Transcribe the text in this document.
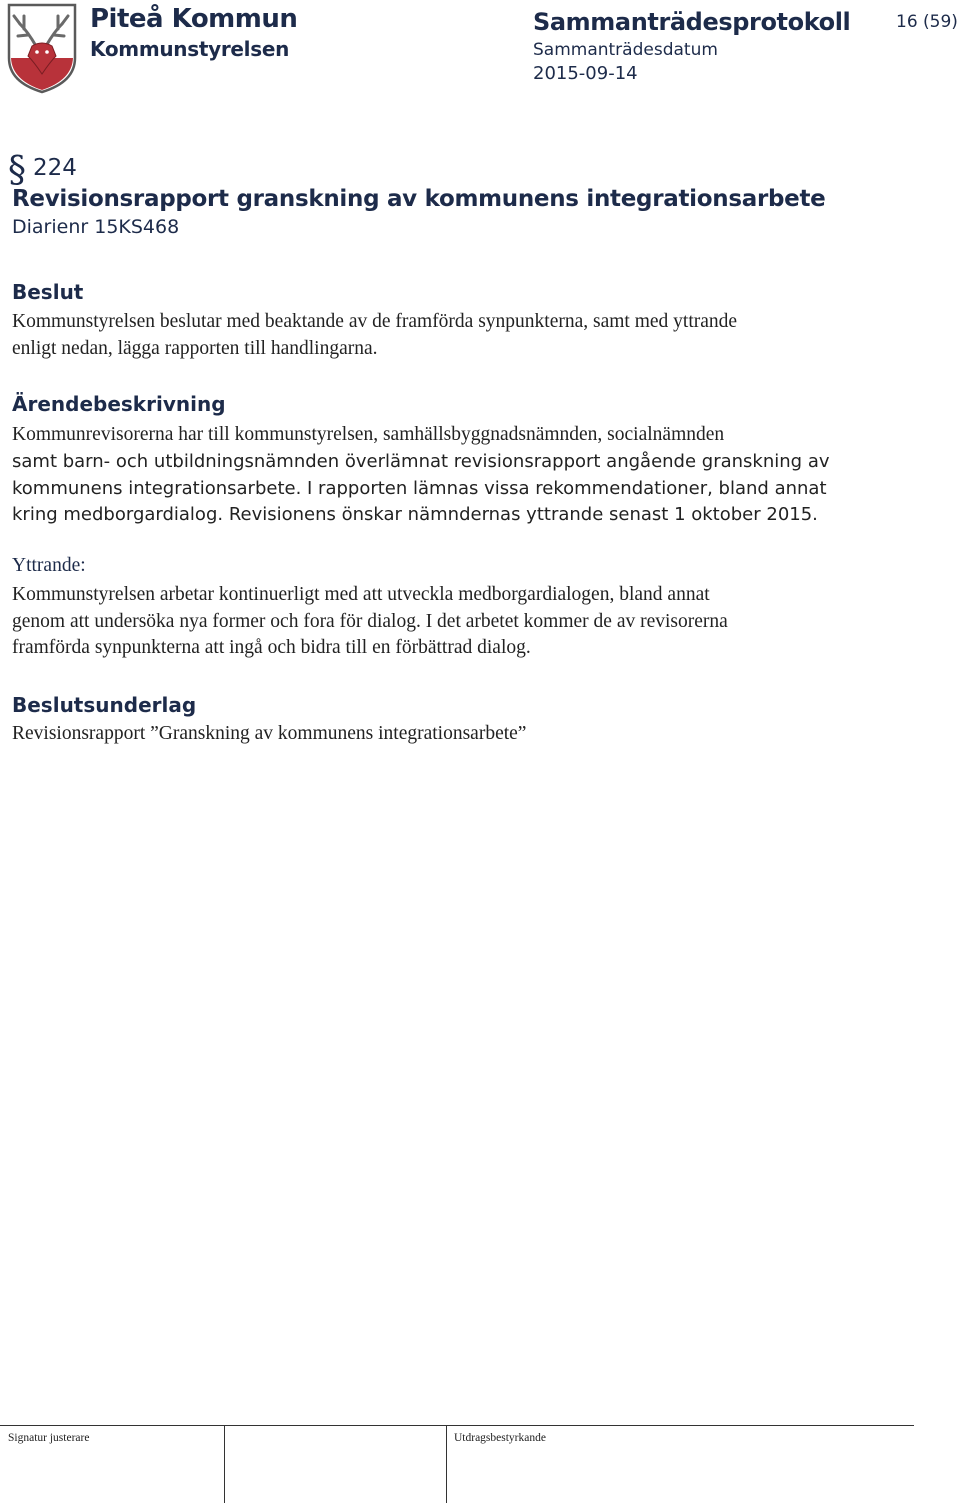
Piteå Kommun
Kommunstyrelsen
Sammanträdesprotokoll
Sammanträdesdatum
2015-09-14
16 (59)
§ 224
Revisionsrapport granskning av kommunens integrationsarbete
Diarienr 15KS468
Beslut
Kommunstyrelsen beslutar med beaktande av de framförda synpunkterna, samt med yttrande
enligt nedan, lägga rapporten till handlingarna.
Ärendebeskrivning
Kommunrevisorerna har till kommunstyrelsen, samhällsbyggnadsnämnden, socialnämnden
samt barn- och utbildningsnämnden överlämnat revisionsrapport angående granskning av
kommunens integrationsarbete. I rapporten lämnas vissa rekommendationer, bland annat
kring medborgardialog. Revisionens önskar nämndernas yttrande senast 1 oktober 2015.
Yttrande:
Kommunstyrelsen arbetar kontinuerligt med att utveckla medborgardialogen, bland annat
genom att undersöka nya former och fora för dialog. I det arbetet kommer de av revisorerna
framförda synpunkterna att ingå och bidra till en förbättrad dialog.
Beslutsunderlag
Revisionsrapport ”Granskning av kommunens integrationsarbete”
Signatur justerare	Utdragsbestyrkande
